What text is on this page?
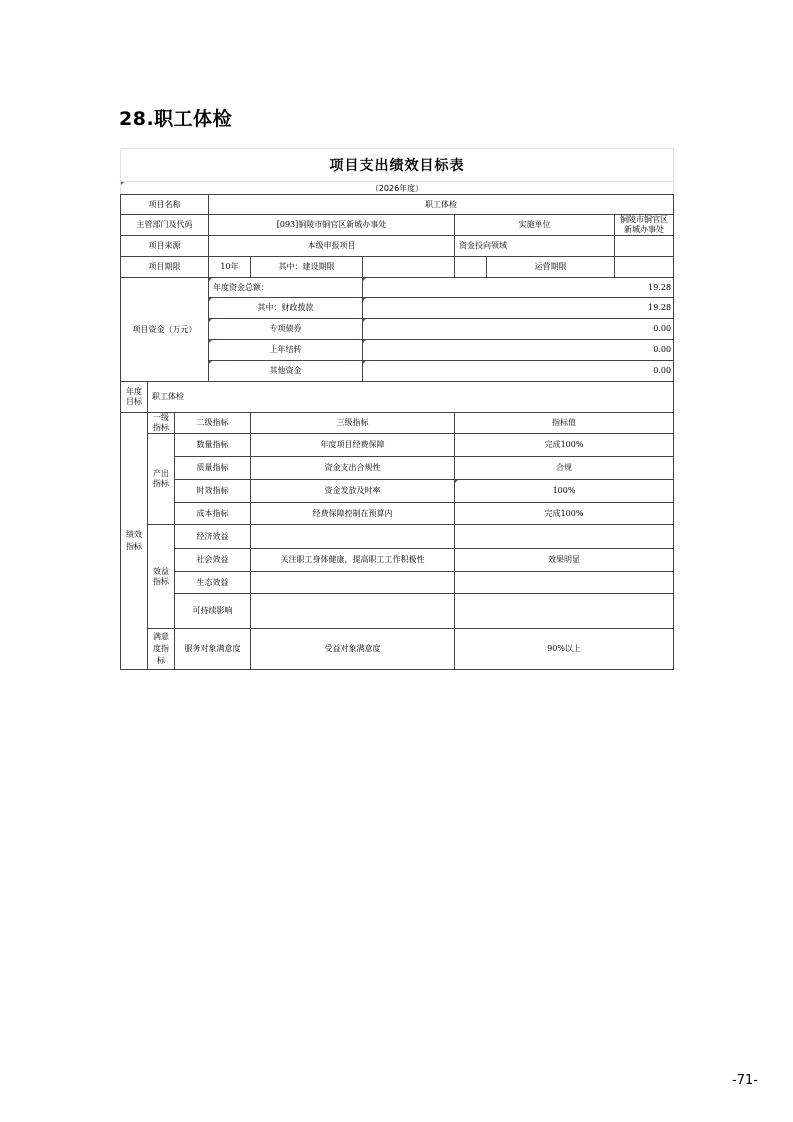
28.职工体检
项目支出绩效目标表
（2026年度）
项目名称			职工体检					
主管部门及代码			[093]铜陵市铜官区新城办事处			实施单位		铜陵市铜官区新城办事处
项目来源			本级申报项目			资金投向领域		
项目期限			10年	其中：建设期限			运营期限	
项目资金（万元）			年度资金总额：		19.28			

其中：财政拨款		19.28			

专项债券		0.00			

上年结转		0.00			

其他资金		0.00			
年度目标	职工体检							
绩效指标	一级指标	二级指标		三级指标		指标值		
	产出指标	数量指标		年度项目经费保障		完成100%		
		质量指标		资金支出合规性		合规		
		时效指标		资金发放及时率		100%		
		成本指标		经费保障控制在预算内		完成100%		
	效益指标	经济效益						
		社会效益		关注职工身体健康，提高职工工作积极性		效果明显		
		生态效益						
		可持续影响						
	满意度指标	服务对象满意度		受益对象满意度		90%以上		
-71-
